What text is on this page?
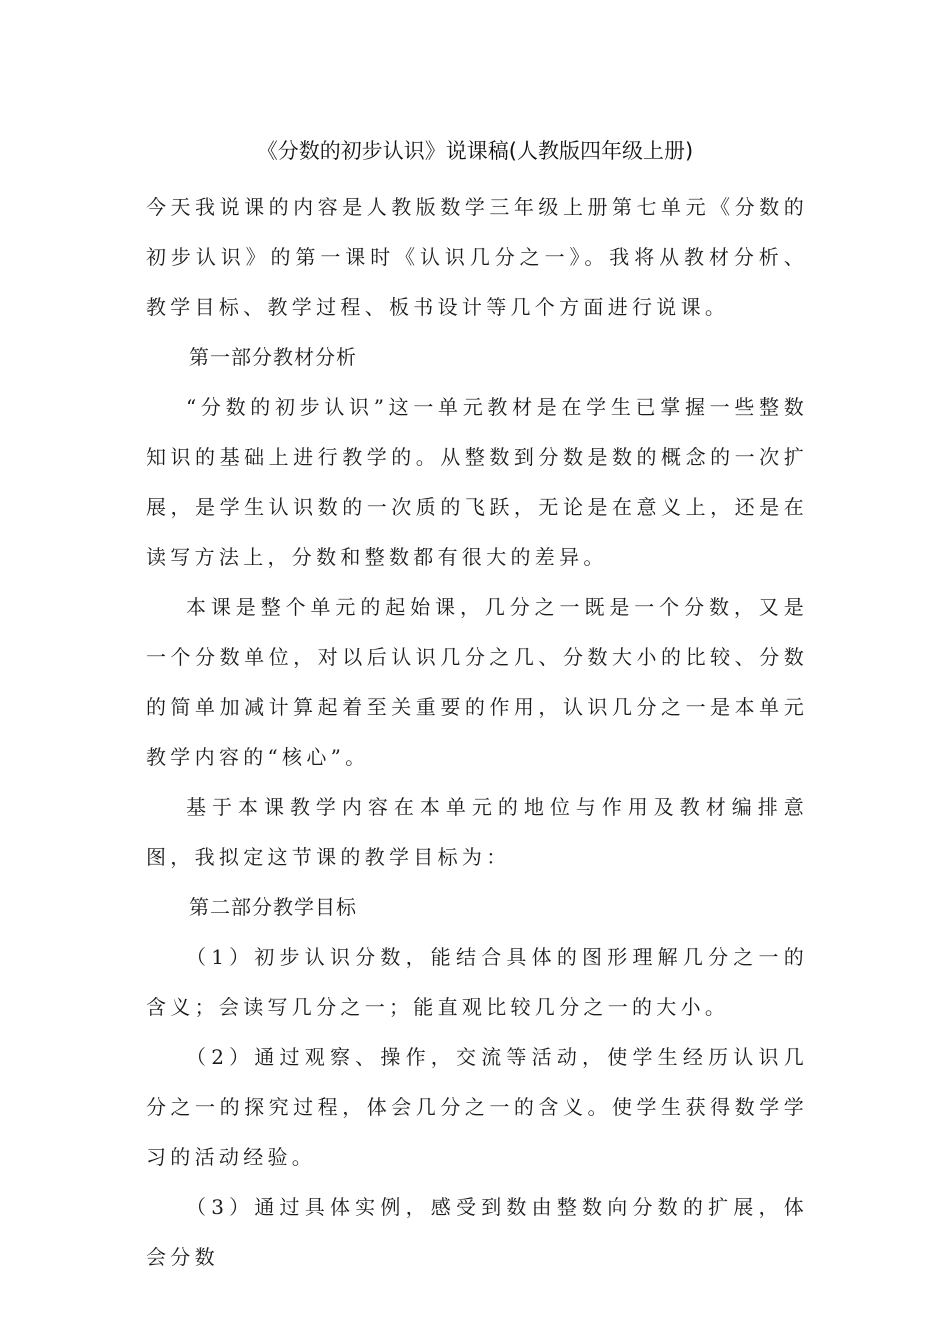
《分数的初步认识》说课稿(人教版四年级上册)

今天我说课的内容是人教版数学三年级上册第七单元《分数的初步认识》的第一课时《认识几分之一》。我将从教材分析、教学目标、教学过程、板书设计等几个方面进行说课。

第一部分教材分析

“分数的初步认识”这一单元教材是在学生已掌握一些整数知识的基础上进行教学的。从整数到分数是数的概念的一次扩展，是学生认识数的一次质的飞跃，无论是在意义上，还是在读写方法上，分数和整数都有很大的差异。

本课是整个单元的起始课，几分之一既是一个分数，又是一个分数单位，对以后认识几分之几、分数大小的比较、分数的简单加减计算起着至关重要的作用，认识几分之一是本单元教学内容的“核心”。

基于本课教学内容在本单元的地位与作用及教材编排意图，我拟定这节课的教学目标为：

第二部分教学目标

（1）初步认识分数，能结合具体的图形理解几分之一的含义；会读写几分之一；能直观比较几分之一的大小。

（2）通过观察、操作，交流等活动，使学生经历认识几分之一的探究过程，体会几分之一的含义。使学生获得数学学习的活动经验。

（3）通过具体实例，感受到数由整数向分数的扩展，体会分数
